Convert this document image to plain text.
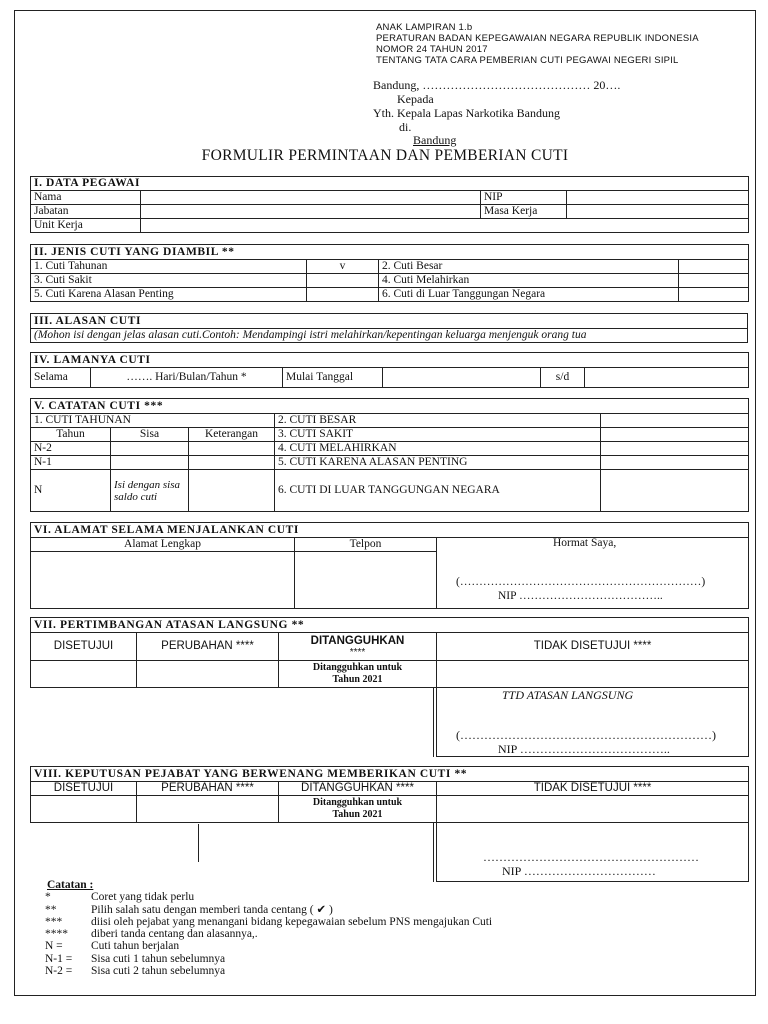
ANAK LAMPIRAN 1.b
PERATURAN BADAN KEPEGAWAIAN NEGARA REPUBLIK INDONESIA
NOMOR 24 TAHUN 2017
TENTANG TATA CARA PEMBERIAN CUTI PEGAWAI NEGERI SIPIL
Bandung, …………………………………… 20….
Kepada
Yth. Kepala Lapas Narkotika Bandung
di.
Bandung
FORMULIR PERMINTAAN DAN PEMBERIAN CUTI
I. DATA PEGAWAI			
Nama		NIP	
Jabatan		Masa Kerja	
Unit Kerja			
II. JENIS CUTI YANG DIAMBIL **			
1. Cuti Tahunan	v	2. Cuti Besar	
3. Cuti Sakit		4. Cuti Melahirkan	
5. Cuti Karena Alasan Penting		6. Cuti di Luar Tanggungan Negara	
III. ALASAN CUTI
(Mohon isi dengan jelas alasan cuti.Contoh: Mendampingi istri melahirkan/kepentingan keluarga menjenguk orang tua
IV. LAMANYA CUTI
Selama	……. Hari/Bulan/Tahun *	Mulai Tanggal		s/d	
V. CATATAN CUTI ***				
1. CUTI TAHUNAN			2. CUTI BESAR	
Tahun	Sisa	Keterangan	3. CUTI SAKIT	
N-2			4. CUTI MELAHIRKAN	
N-1			5. CUTI KARENA ALASAN PENTING	
N	Isi dengan sisa saldo cuti		6. CUTI DI LUAR TANGGUNGAN NEGARA	
VI. ALAMAT SELAMA MENJALANKAN CUTI		
Alamat Lengkap	Telpon	Hormat Saya,
(………………………………………………………)
NIP ………………………………..

VII. PERTIMBANGAN ATASAN LANGSUNG **			
DISETUJUI	PERUBAHAN ****	DITANGGUHKAN
****	TIDAK DISETUJUI ****

		Ditangguhkan untuk
Tahun 2021	

TTD ATASAN LANGSUNG
(………………………………………………………)
NIP ………………………………..
VIII. KEPUTUSAN PEJABAT YANG BERWENANG MEMBERIKAN CUTI **			
DISETUJUI	PERUBAHAN ****	DITANGGUHKAN ****	TIDAK DISETUJUI ****

		Ditangguhkan untuk
Tahun 2021	

………………………………………………
NIP ……………………………
Catatan :
*	Coret yang tidak perlu
**	Pilih salah satu dengan memberi tanda centang ( ✔ )
***	diisi oleh pejabat yang menangani bidang kepegawaian sebelum PNS mengajukan Cuti
****	diberi tanda centang dan alasannya,.
N =	Cuti tahun berjalan
N-1 =	Sisa cuti 1 tahun sebelumnya
N-2 =	Sisa cuti 2 tahun sebelumnya
